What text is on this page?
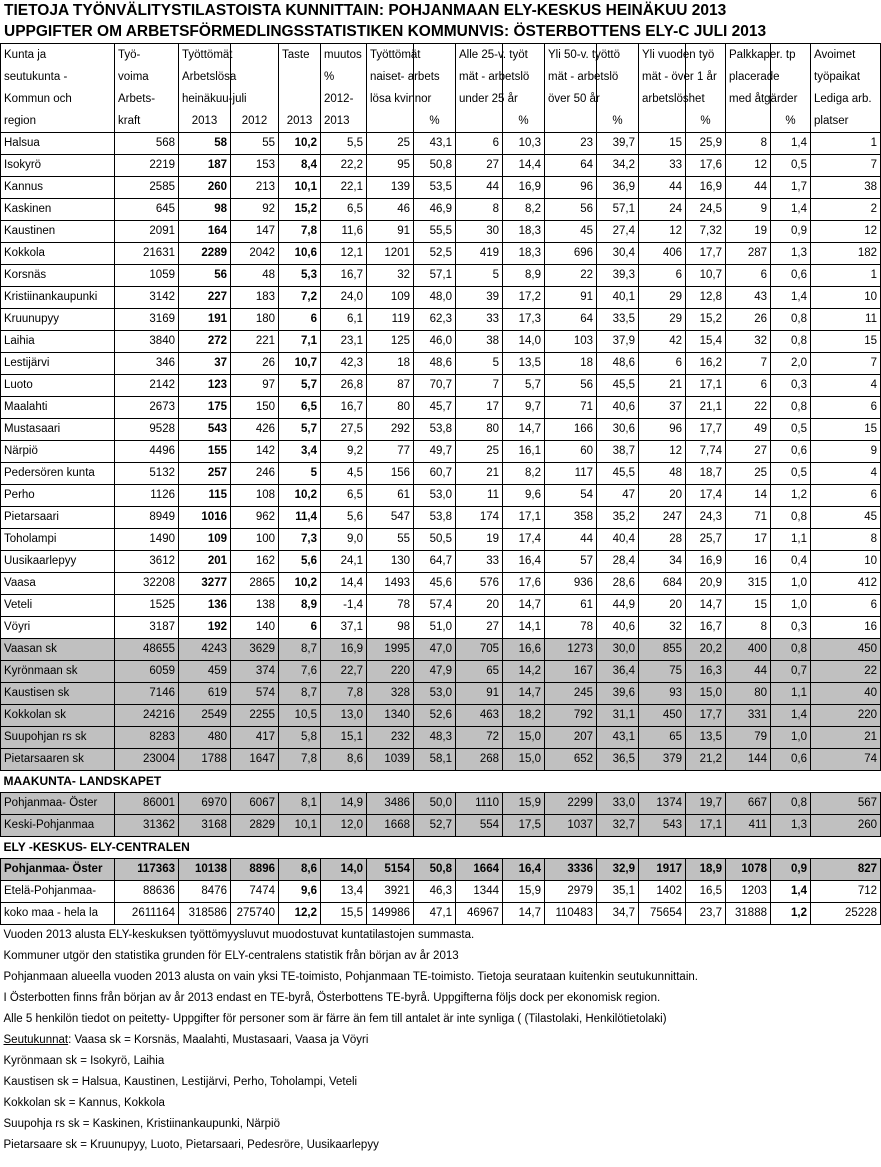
TIETOJA TYÖNVÄLITYSTILASTOISTA KUNNITTAIN: POHJANMAAN ELY-KESKUS HEINÄKUU 2013
UPPGIFTER OM ARBETSFÖRMEDLINGSSTATISTIKEN KOMMUNVIS: ÖSTERBOTTENS ELY-C JULI 2013
Kunta ja	Työ-	Työttömät		Taste	muutos	Työttömät		Alle 25-v. työt		Yli 50-v. työttö		Yli vuoden työ		Palkkaper. tp		Avoimet
seutukunta -	voima	Arbetslösa			%	naiset- arbets		mät - arbetslö		mät - arbetslö		mät - över 1 år		placerade		työpaikat
Kommun och	Arbets-	heinäkuu-juli			2012-	lösa kvinnor		under 25 år		över 50 år		arbetslöshet		med åtgärder		Lediga arb.
region	kraft	2013	2012	2013	2013		%		%		%		%		%	platser
Halsua	568	58	55	10,2	5,5	25	43,1	6	10,3	23	39,7	15	25,9	8	1,4	1
Isokyrö	2219	187	153	8,4	22,2	95	50,8	27	14,4	64	34,2	33	17,6	12	0,5	7
Kannus	2585	260	213	10,1	22,1	139	53,5	44	16,9	96	36,9	44	16,9	44	1,7	38
Kaskinen	645	98	92	15,2	6,5	46	46,9	8	8,2	56	57,1	24	24,5	9	1,4	2
Kaustinen	2091	164	147	7,8	11,6	91	55,5	30	18,3	45	27,4	12	7,32	19	0,9	12
Kokkola	21631	2289	2042	10,6	12,1	1201	52,5	419	18,3	696	30,4	406	17,7	287	1,3	182
Korsnäs	1059	56	48	5,3	16,7	32	57,1	5	8,9	22	39,3	6	10,7	6	0,6	1
Kristiinankaupunki	3142	227	183	7,2	24,0	109	48,0	39	17,2	91	40,1	29	12,8	43	1,4	10
Kruunupyy	3169	191	180	6	6,1	119	62,3	33	17,3	64	33,5	29	15,2	26	0,8	11
Laihia	3840	272	221	7,1	23,1	125	46,0	38	14,0	103	37,9	42	15,4	32	0,8	15
Lestijärvi	346	37	26	10,7	42,3	18	48,6	5	13,5	18	48,6	6	16,2	7	2,0	7
Luoto	2142	123	97	5,7	26,8	87	70,7	7	5,7	56	45,5	21	17,1	6	0,3	4
Maalahti	2673	175	150	6,5	16,7	80	45,7	17	9,7	71	40,6	37	21,1	22	0,8	6
Mustasaari	9528	543	426	5,7	27,5	292	53,8	80	14,7	166	30,6	96	17,7	49	0,5	15
Närpiö	4496	155	142	3,4	9,2	77	49,7	25	16,1	60	38,7	12	7,74	27	0,6	9
Pedersören kunta	5132	257	246	5	4,5	156	60,7	21	8,2	117	45,5	48	18,7	25	0,5	4
Perho	1126	115	108	10,2	6,5	61	53,0	11	9,6	54	47	20	17,4	14	1,2	6
Pietarsaari	8949	1016	962	11,4	5,6	547	53,8	174	17,1	358	35,2	247	24,3	71	0,8	45
Toholampi	1490	109	100	7,3	9,0	55	50,5	19	17,4	44	40,4	28	25,7	17	1,1	8
Uusikaarlepyy	3612	201	162	5,6	24,1	130	64,7	33	16,4	57	28,4	34	16,9	16	0,4	10
Vaasa	32208	3277	2865	10,2	14,4	1493	45,6	576	17,6	936	28,6	684	20,9	315	1,0	412
Veteli	1525	136	138	8,9	-1,4	78	57,4	20	14,7	61	44,9	20	14,7	15	1,0	6
Vöyri	3187	192	140	6	37,1	98	51,0	27	14,1	78	40,6	32	16,7	8	0,3	16
Vaasan sk	48655	4243	3629	8,7	16,9	1995	47,0	705	16,6	1273	30,0	855	20,2	400	0,8	450
Kyrönmaan sk	6059	459	374	7,6	22,7	220	47,9	65	14,2	167	36,4	75	16,3	44	0,7	22
Kaustisen sk	7146	619	574	8,7	7,8	328	53,0	91	14,7	245	39,6	93	15,0	80	1,1	40
Kokkolan sk	24216	2549	2255	10,5	13,0	1340	52,6	463	18,2	792	31,1	450	17,7	331	1,4	220
Suupohjan rs sk	8283	480	417	5,8	15,1	232	48,3	72	15,0	207	43,1	65	13,5	79	1,0	21
Pietarsaaren sk	23004	1788	1647	7,8	8,6	1039	58,1	268	15,0	652	36,5	379	21,2	144	0,6	74
MAAKUNTA- LANDSKAPET																
Pohjanmaa- Öster	86001	6970	6067	8,1	14,9	3486	50,0	1110	15,9	2299	33,0	1374	19,7	667	0,8	567
Keski-Pohjanmaa	31362	3168	2829	10,1	12,0	1668	52,7	554	17,5	1037	32,7	543	17,1	411	1,3	260
ELY -KESKUS- ELY-CENTRALEN																
Pohjanmaa- Öster	117363	10138	8896	8,6	14,0	5154	50,8	1664	16,4	3336	32,9	1917	18,9	1078	0,9	827
Etelä-Pohjanmaa-	88636	8476	7474	9,6	13,4	3921	46,3	1344	15,9	2979	35,1	1402	16,5	1203	1,4	712
koko maa - hela la	2611164	318586	275740	12,2	15,5	149986	47,1	46967	14,7	110483	34,7	75654	23,7	31888	1,2	25228
Vuoden 2013 alusta ELY-keskuksen työttömyysluvut muodostuvat kuntatilastojen summasta.																
Kommuner utgör den statistika grunden för ELY-centralens statistik från början av år 2013																
Pohjanmaan alueella vuoden 2013 alusta on vain yksi TE-toimisto, Pohjanmaan TE-toimisto. Tietoja seurataan kuitenkin seutukunnittain.																
I Österbotten finns från början av år 2013 endast en TE-byrå, Österbottens TE-byrå. Uppgifterna följs dock per ekonomisk region.																
Alle 5 henkilön tiedot on peitetty- Uppgifter för personer som är färre än fem till antalet är inte synliga ( (Tilastolaki, Henkilötietolaki)																
Seutukunnat: Vaasa sk = Korsnäs, Maalahti, Mustasaari, Vaasa ja Vöyri																
Kyrönmaan sk = Isokyrö, Laihia																
Kaustisen sk = Halsua, Kaustinen, Lestijärvi, Perho, Toholampi, Veteli																
Kokkolan sk = Kannus, Kokkola																
Suupohja rs sk = Kaskinen, Kristiinankaupunki, Närpiö																
Pietarsaare sk = Kruunupyy, Luoto, Pietarsaari, Pedesröre, Uusikaarlepyy																
